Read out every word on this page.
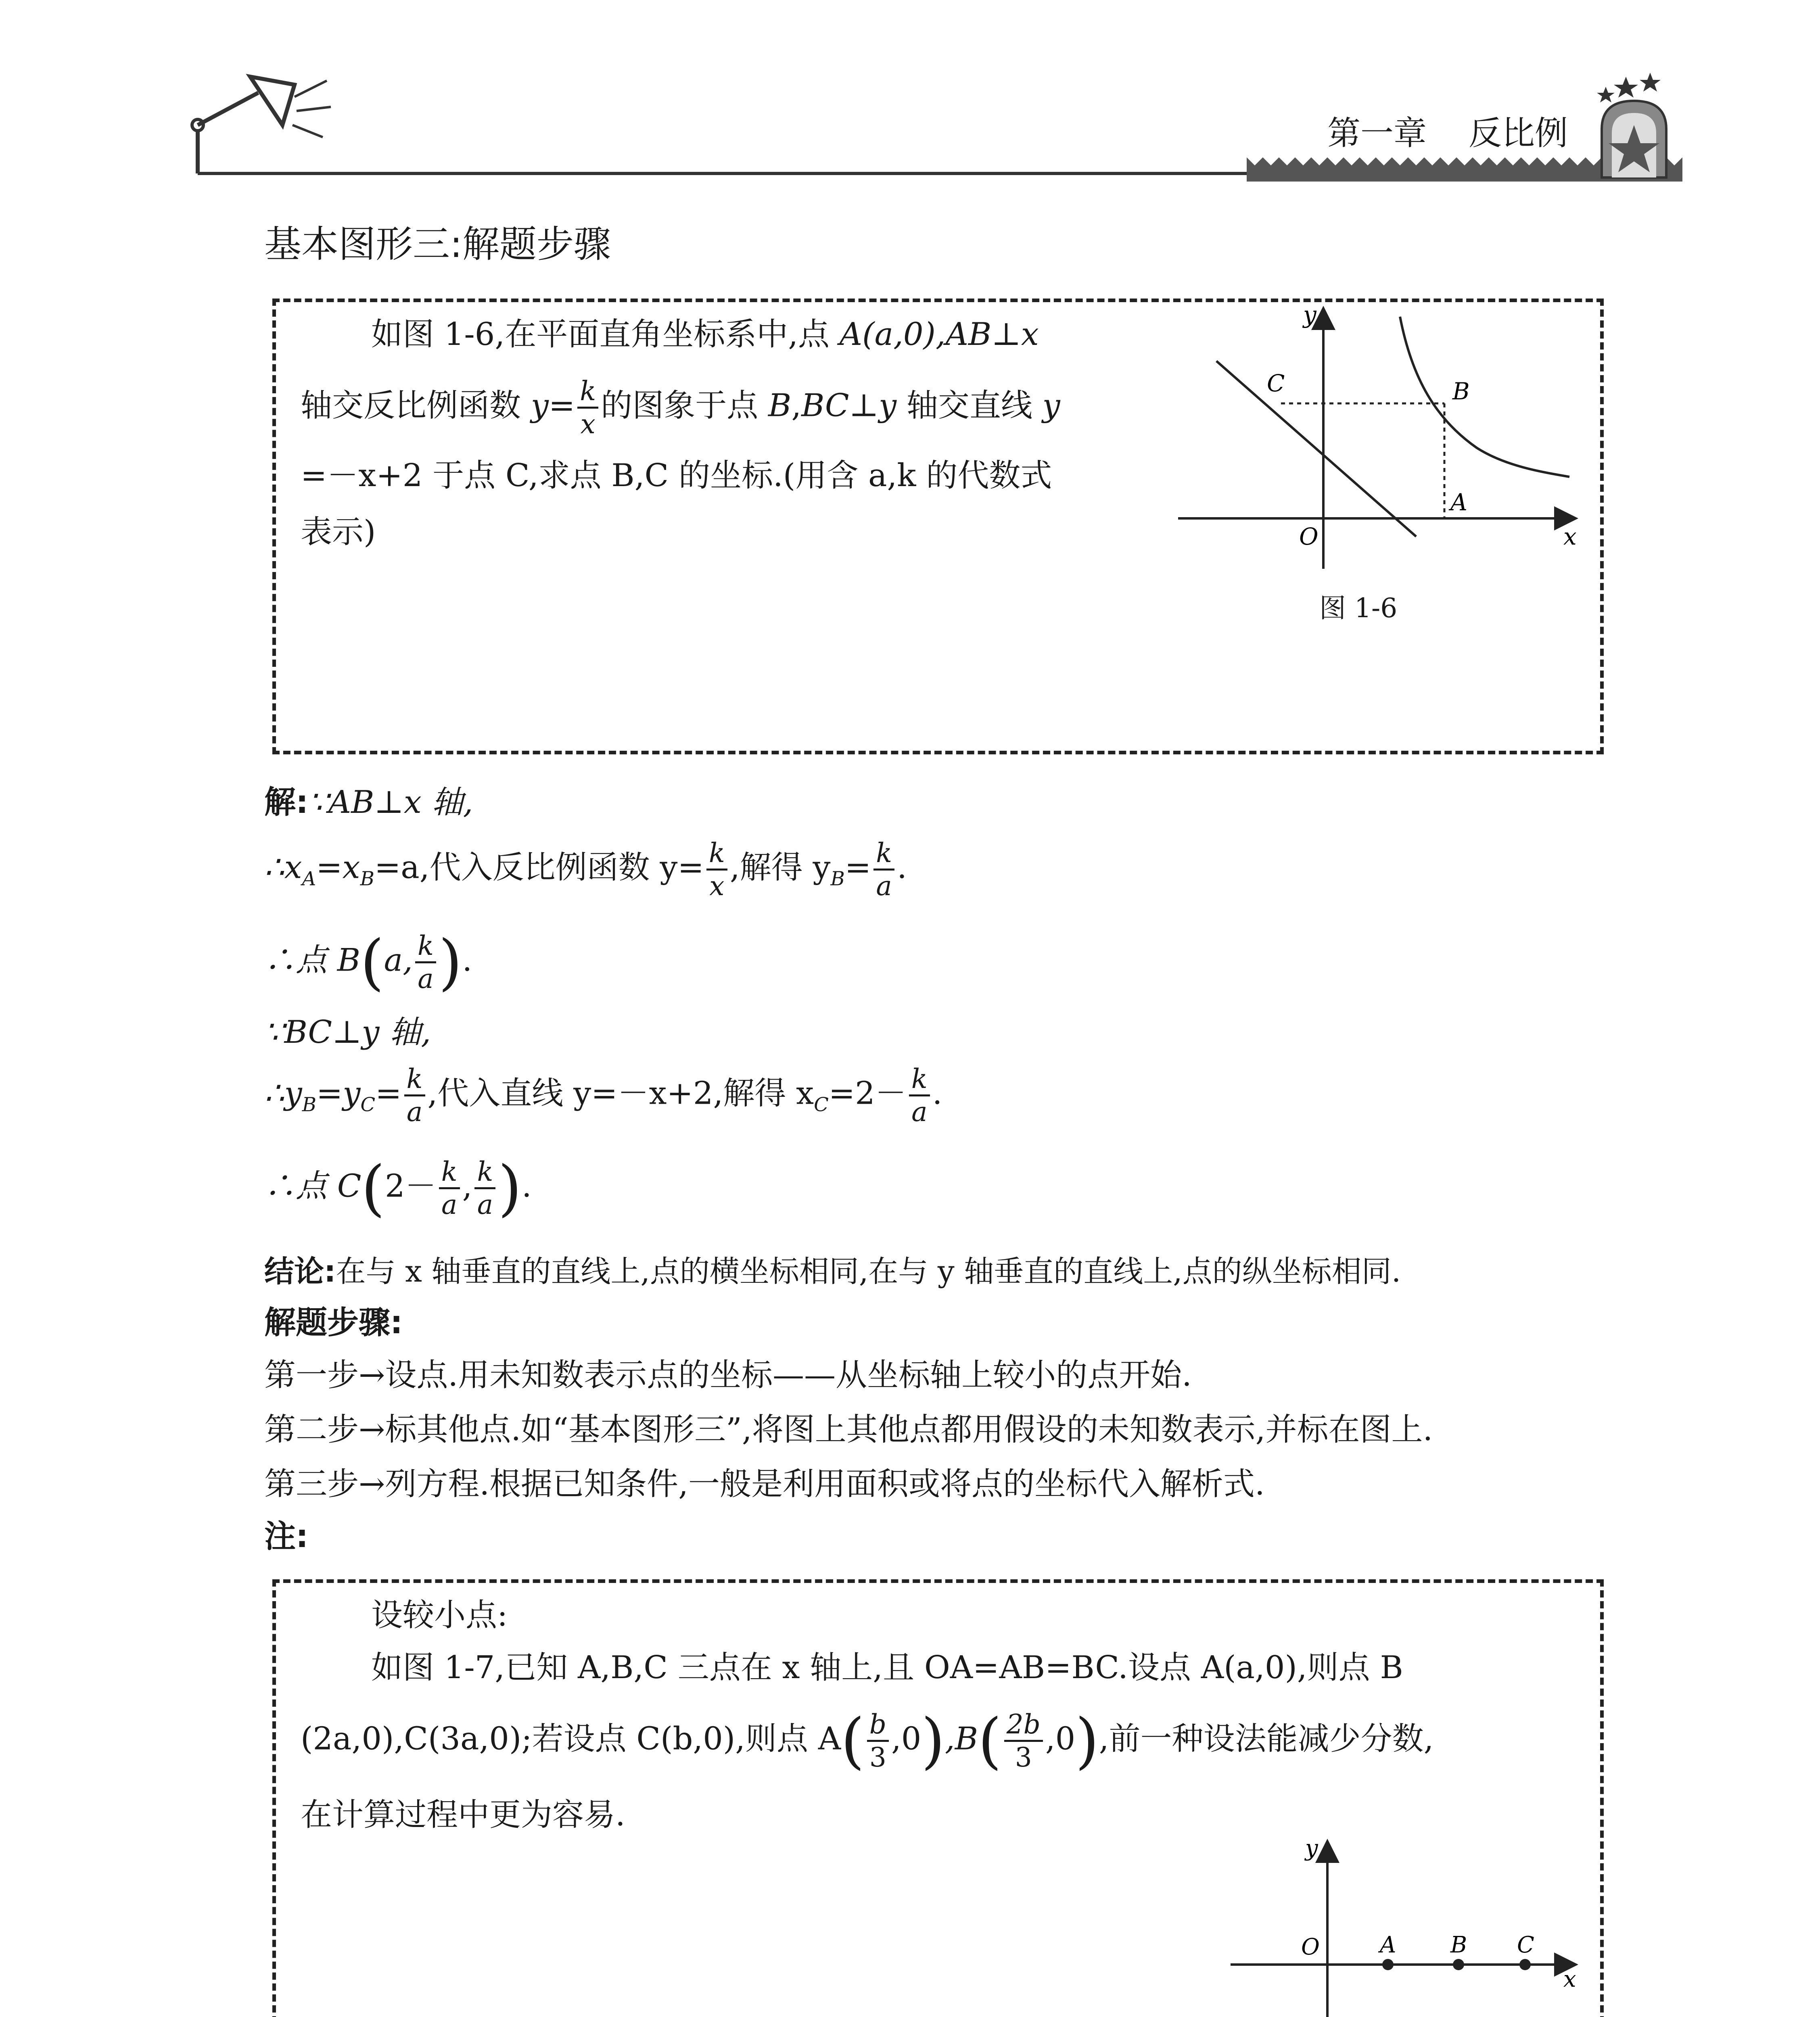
第一章 反比例
基本图形三:解题步骤
如图 1-6,在平面直角坐标系中,点 A(a,0),AB⊥x
轴交反比例函数 $y= \frac{k}{x}$ 的图象于点 B,BC⊥y 轴交直线 y
=－x+2 于点 C,求点 B,C 的坐标.(用含 a,k 的代数式
表示)
y
x
O
A
B
C
图 1-6
解:∵AB⊥x 轴,
$\therefore x_A=x_B=a$,代入反比例函数 $y= \frac{k}{x}$ ,解得 $y_B= \frac{k}{a}$ .
∴点 B(a, $\frac{k}{a}$ ).
∵BC⊥y 轴,
$\therefore y_B=y_C= \frac{k}{a}$ ,代入直线 y=－x+2,解得 $x_C=2- \frac{k}{a}$ .
∴点 $C(2- \frac{k}{a}$ , $\frac{k}{a}$ ).
结论:在与 x 轴垂直的直线上,点的横坐标相同,在与 y 轴垂直的直线上,点的纵坐标相同.
解题步骤:
第一步→设点.用未知数表示点的坐标——从坐标轴上较小的点开始.
第二步→标其他点.如“基本图形三”,将图上其他点都用假设的未知数表示,并标在图上.
第三步→列方程.根据已知条件,一般是利用面积或将点的坐标代入解析式.
注:
设较小点:
如图 1-7,已知 A,B,C 三点在 x 轴上,且 OA=AB=BC.设点 A(a,0),则点 B
(2a,0),C(3a,0);若设点 C(b,0),则点 $A( \frac{b}{3} ,0),B( \frac{2b}{3} ,0)$,前一种设法能减少分数,
在计算过程中更为容易.
y
x
O	A B C
